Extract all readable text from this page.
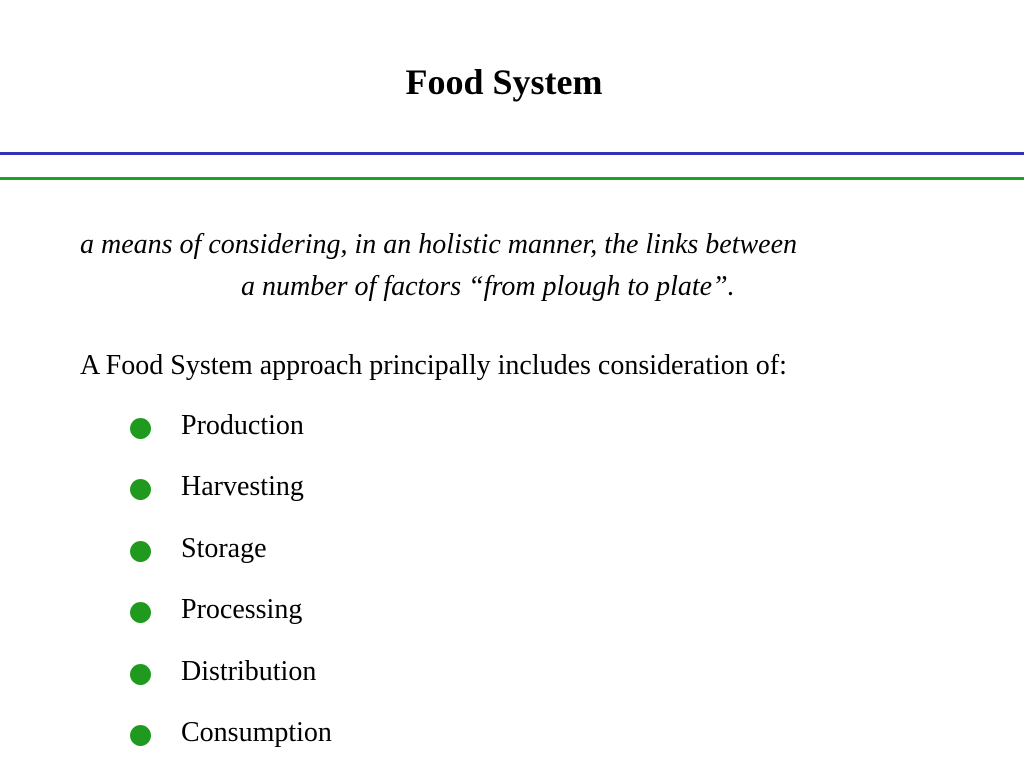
Food System

a means of considering, in an holistic manner, the links between
a number of factors “from plough to plate”.

A Food System approach principally includes consideration of:

Production
Harvesting
Storage
Processing
Distribution
Consumption
